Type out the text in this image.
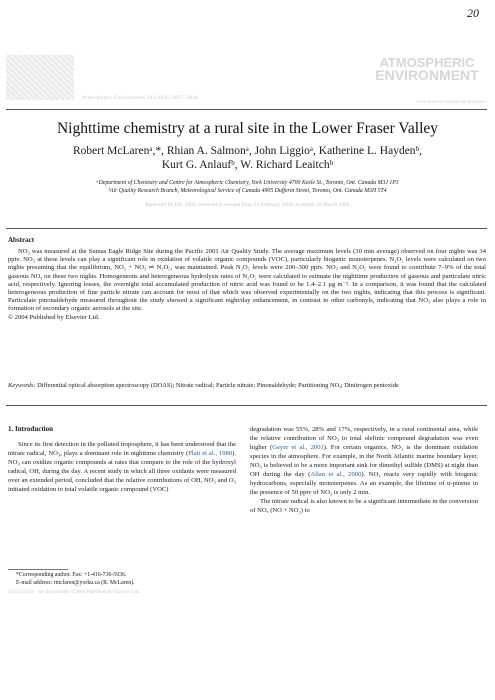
20
Atmospheric Environment 38 (2004) 3837–3848
ATMOSPHERIC
ENVIRONMENT
www.elsevier.com/locate/atmosenv
Nighttime chemistry at a rural site in the Lower Fraser Valley
Robert McLarenᵃ,*, Rhian A. Salmonᵃ, John Liggioᵃ, Katherine L. Haydenᵇ,
Kurt G. Anlaufᵇ, W. Richard Leaitchᵇ
ᵃDepartment of Chemistry and Centre for Atmospheric Chemistry, York University 4700 Keele St., Toronto, Ont. Canada M3J 1P3
ᵇAir Quality Research Branch, Meteorological Service of Canada 4905 Dufferin Street, Toronto, Ont. Canada M3H 5T4
Received 16 July 2003; received in revised form 24 February 2004; accepted 10 March 2004
Abstract

NO₃ was measured at the Sumas Eagle Ridge Site during the Pacific 2001 Air Quality Study. The average maximum levels (30 min average) observed on four nights was 34 pptv. NO₃ at these levels can play a significant role in oxidation of volatile organic compounds (VOC), particularly biogenic monoterpenes. N₂O₅ levels were calculated on two nights presuming that the equilibrium, NO₂ + NO₃ ⇌ N₂O₅, was maintained. Peak N₂O₅ levels were 200–300 pptv. NO₃ and N₂O₅ were found to contribute 7–9% of the total gaseous NOᵧ on these two nights. Homogeneous and heterogeneous hydrolysis rates of N₂O₅ were calculated to estimate the nighttime production of gaseous and particulate nitric acid, respectively. Ignoring losses, the overnight total accumulated production of nitric acid was found to be 1.4–2.1 μg m⁻³. In a comparison, it was found that the calculated heterogeneous production of fine particle nitrate can account for most of that which was observed experimentally on the two nights, indicating that this process is significant. Particulate pinonaldehyde measured throughout the study showed a significant night/day enhancement, in contrast to other carbonyls, indicating that NO₃ also plays a role in formation of secondary organic aerosols at the site.

© 2004 Published by Elsevier Ltd.
Keywords: Differential optical absorption spectroscopy (DOAS); Nitrate radical; Particle nitrate; Pinonaldehyde; Partitioning NOᵧ; Dinitrogen pentoxide
1. Introduction

Since its first detection in the polluted troposphere, it has been understood that the nitrate radical, NO₃, plays a dominant role in nighttime chemistry (Platt et al., 1980). NO₃ can oxidize organic compounds at rates that compare to the role of the hydroxyl radical, OH, during the day. A recent study in which all three oxidants were measured over an extended period, concluded that the relative contributions of OH, NO₃ and O₃ initiated oxidation to total volatile organic compound (VOC)

*Corresponding author. Fax: +1-416-736-5936.
E-mail address: rmclaren@yorku.ca (R. McLaren).
1352-2310/$ - see front matter © 2004 Published by Elsevier Ltd.

degradation was 55%, 28% and 17%, respectively, in a rural continental area, while the relative contribution of NO₃ to total olefinic compound degradation was even higher (Geyer et al., 2001). For certain organics, NO₃ is the dominant oxidation species in the atmosphere. For example, in the North Atlantic marine boundary layer, NO₃ is believed to be a more important sink for dimethyl sulfide (DMS) at night than OH during the day (Allan et al., 2000). NO₃ reacts very rapidly with biogenic hydrocarbons, especially monoterpenes. As an example, the lifetime of α-pinene in the presence of 50 pptv of NO₃ is only 2 min.

The nitrate radical is also known to be a significant intermediate in the conversion of NOₓ (NO + NO₂) to
